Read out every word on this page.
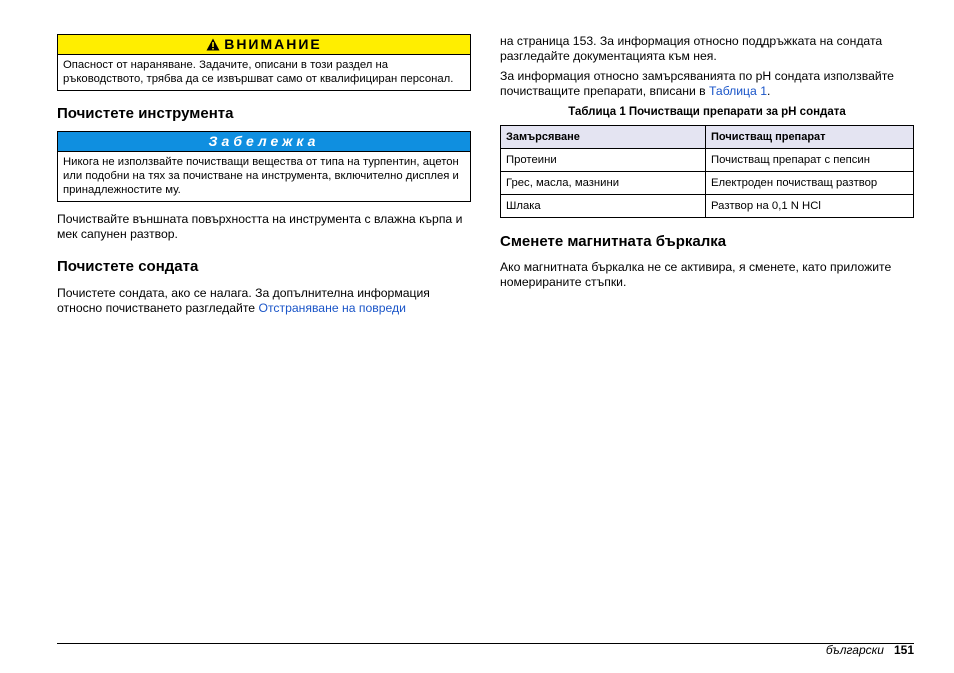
ВНИМАНИЕ
Опасност от нараняване. Задачите, описани в този раздел на ръководството, трябва да се извършват само от квалифициран персонал.
Почистете инструмента
Забележка
Никога не използвайте почистващи вещества от типа на турпентин, ацетон или подобни на тях за почистване на инструмента, включително дисплея и принадлежностите му.

Почиствайте външната повърхността на инструмента с влажна кърпа и мек сапунен разтвор.

Почистете сондата

Почистете сондата, ако се налага. За допълнителна информация относно почистването разгледайте Отстраняване на повреди

на страница 153. За информация относно поддръжката на сондата разгледайте документацията към нея.

За информация относно замърсяванията по pH сондата използвайте почистващите препарати, вписани в Таблица 1.

Таблица 1 Почистващи препарати за pH сондата
Замърсяване	Почистващ препарат
Протеини	Почистващ препарат с пепсин
Грес, масла, мазнини	Електроден почистващ разтвор
Шлака	Разтвор на 0,1 N HCl
Сменете магнитната бъркалка

Ако магнитната бъркалка не се активира, я сменете, като приложите номерираните стъпки.

български 151
